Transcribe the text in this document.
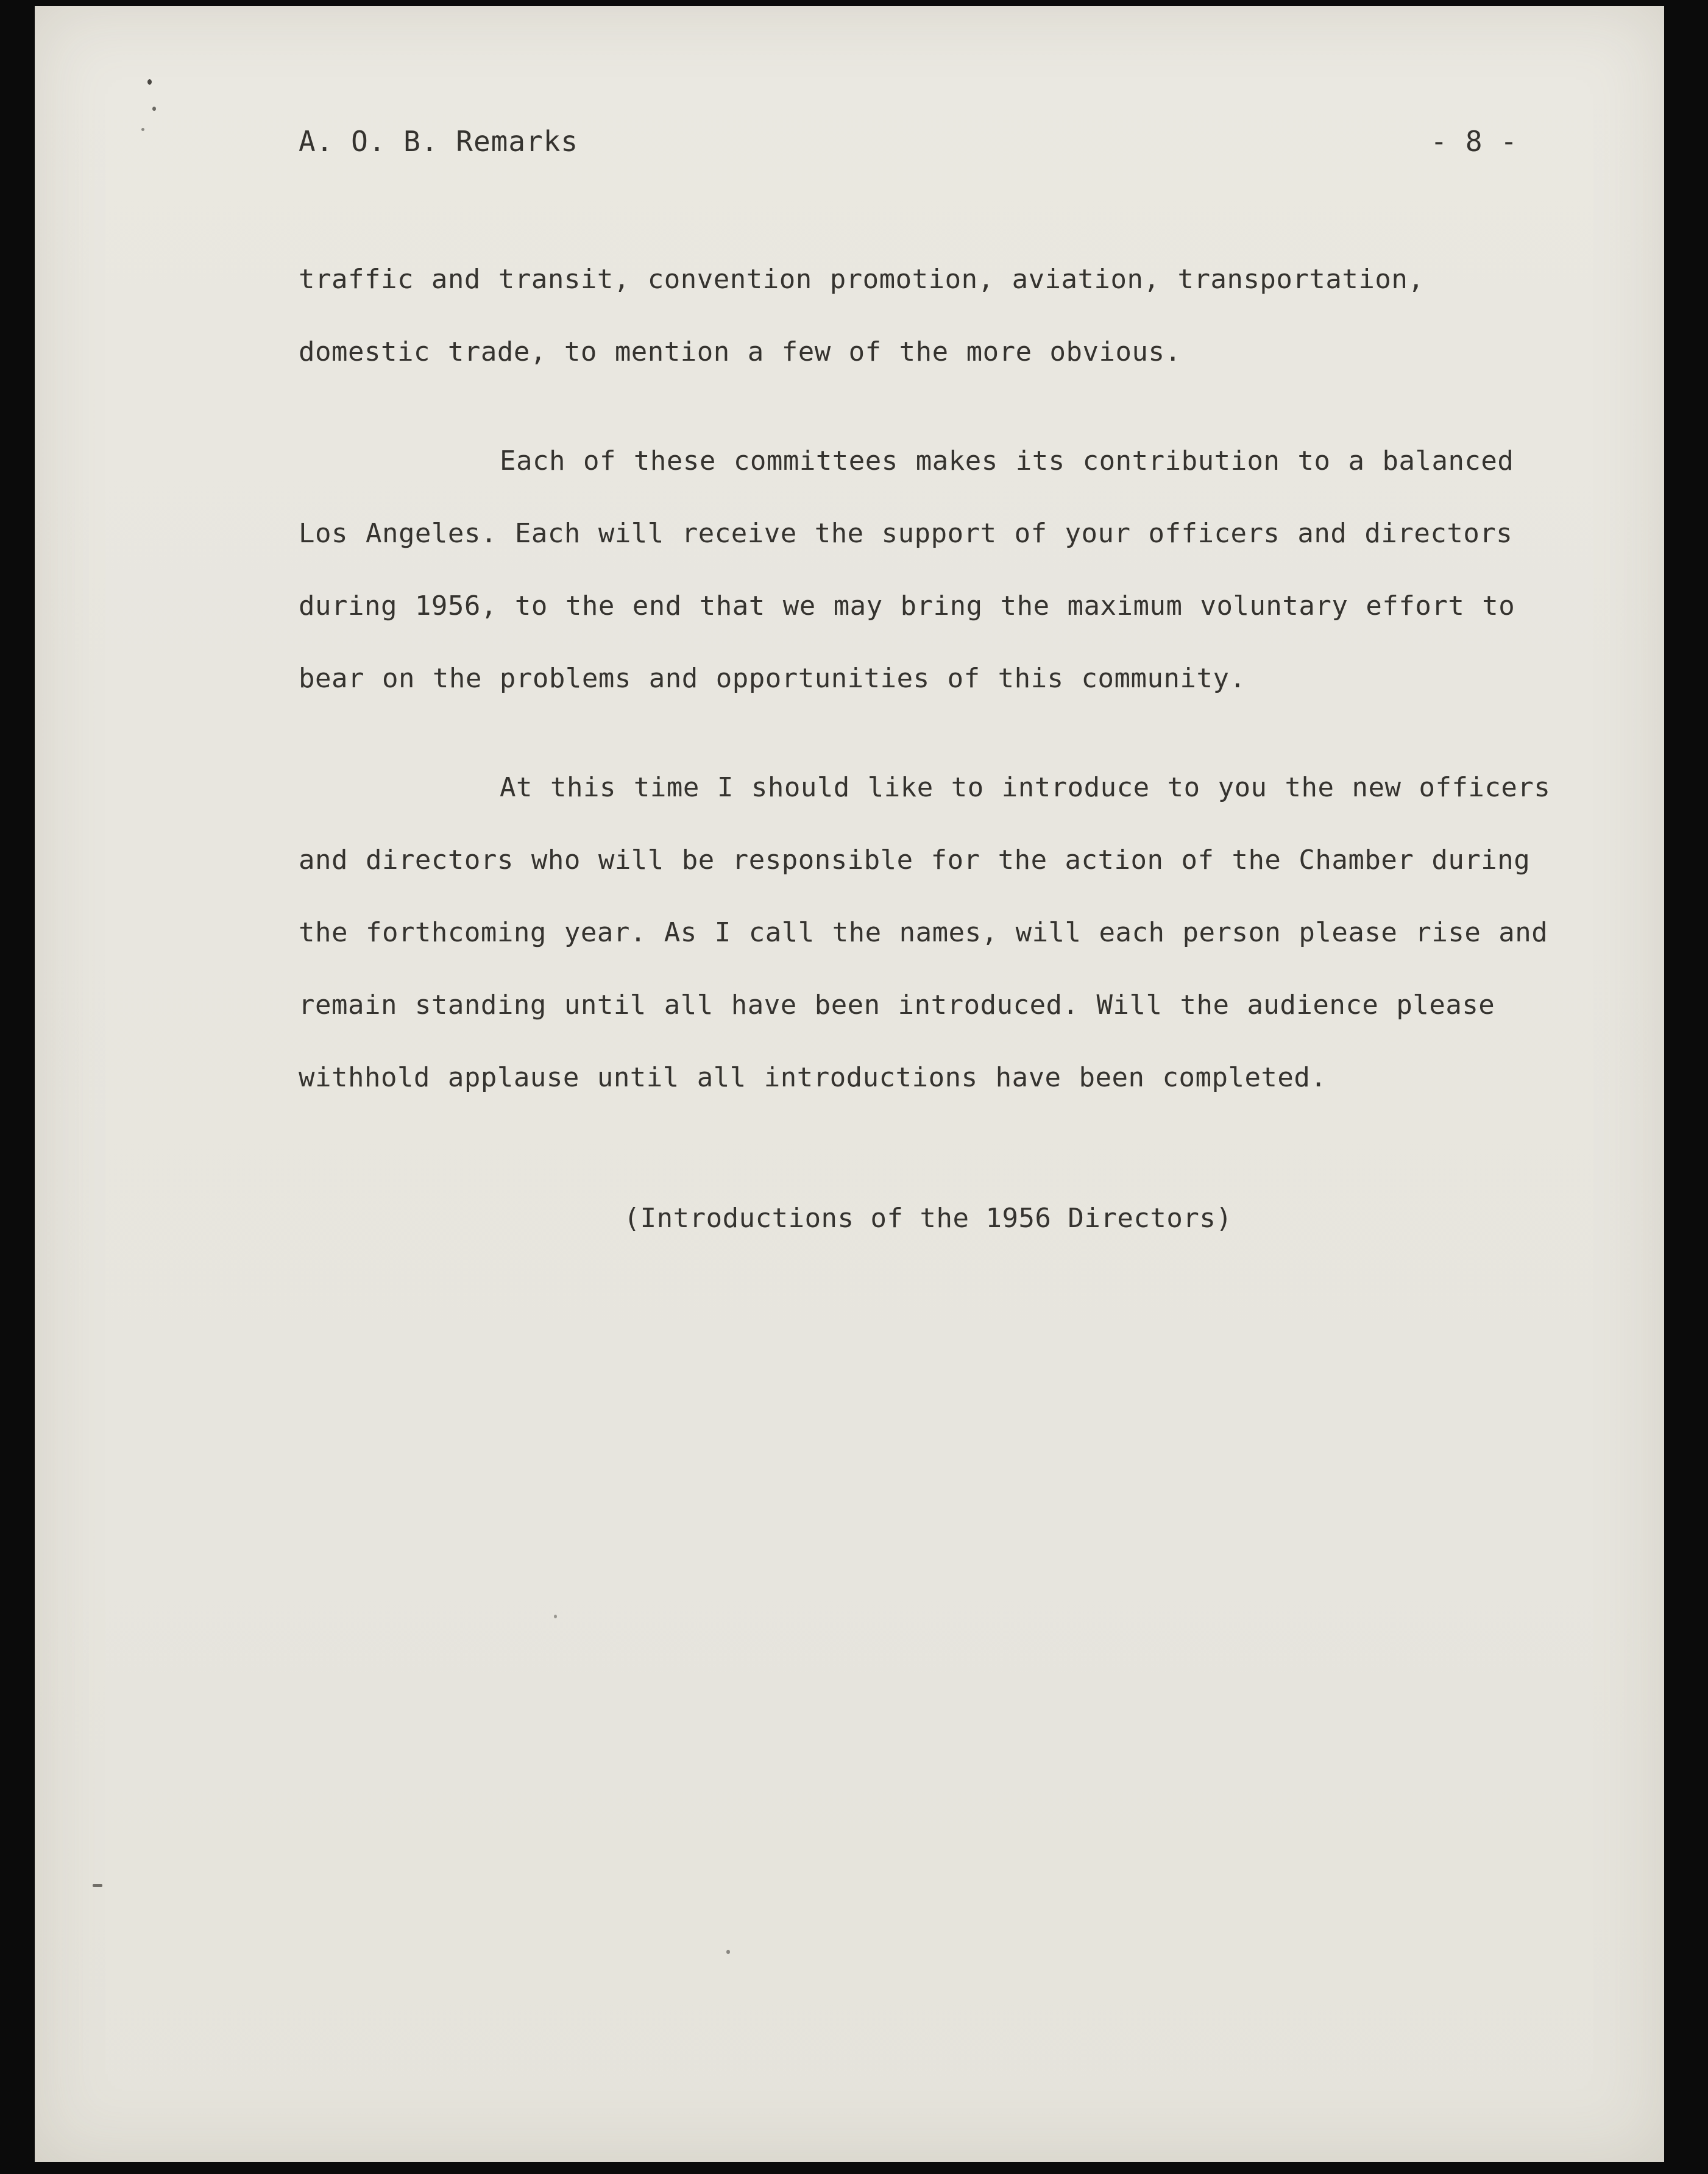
A. O. B. Remarks	- 8 -

traffic and transit, convention promotion, aviation, transportation, domestic trade, to mention a few of the more obvious.

Each of these committees makes its contribution to a balanced Los Angeles. Each will receive the support of your officers and directors during 1956, to the end that we may bring the maximum voluntary effort to bear on the problems and opportunities of this community.

At this time I should like to introduce to you the new officers and directors who will be responsible for the action of the Chamber during the forthcoming year. As I call the names, will each person please rise and remain standing until all have been introduced. Will the audience please withhold applause until all introductions have been completed.

(Introductions of the 1956 Directors)
